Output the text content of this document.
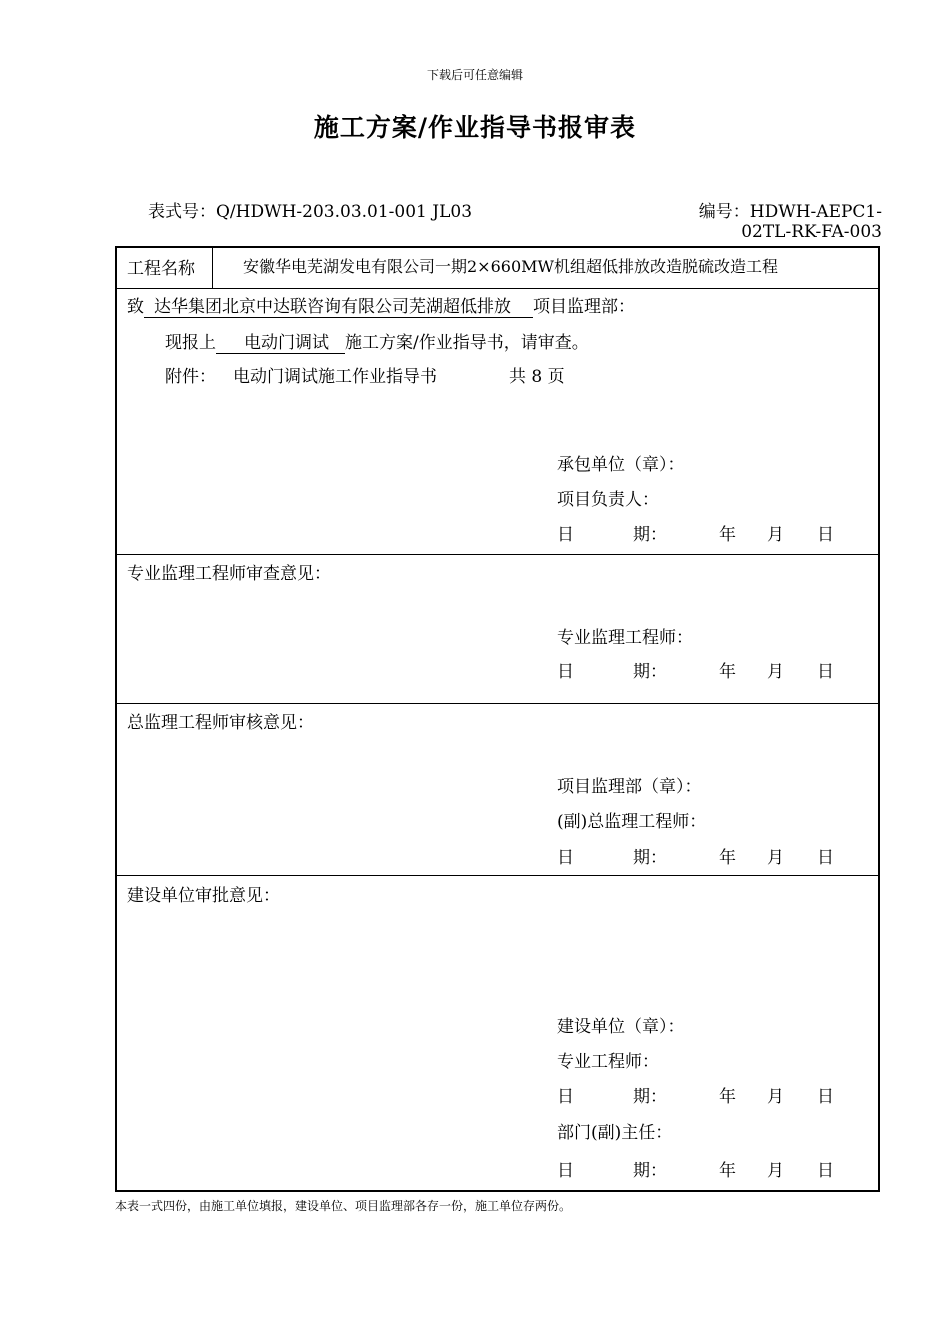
下载后可任意编辑
施工方案/作业指导书报审表
表式号：Q/HDWH-203.03.01-001 JL03	编号：HDWH-AEPC1-
02TL-RK-FA-003
工程名称	安徽华电芜湖发电有限公司一期2×660MW机组超低排放改造脱硫改造工程
致 达华集团北京中达联咨询有限公司芜湖超低排放 项目监理部：
现报上 电动门调试 施工方案/作业指导书，请审查。
附件： 电动门调试施工作业指导书	共 8 页
承包单位（章）：
项目负责人：
日	期：	年 月 日
专业监理工程师审查意见：
专业监理工程师：
日	期：	年 月 日
总监理工程师审核意见：
项目监理部（章）：
(副)总监理工程师：
日	期：	年 月 日
建设单位审批意见：
建设单位（章）：
专业工程师：
日	期：	年 月 日
部门(副)主任：
日	期：	年 月 日
本表一式四份，由施工单位填报，建设单位、项目监理部各存一份，施工单位存两份。
